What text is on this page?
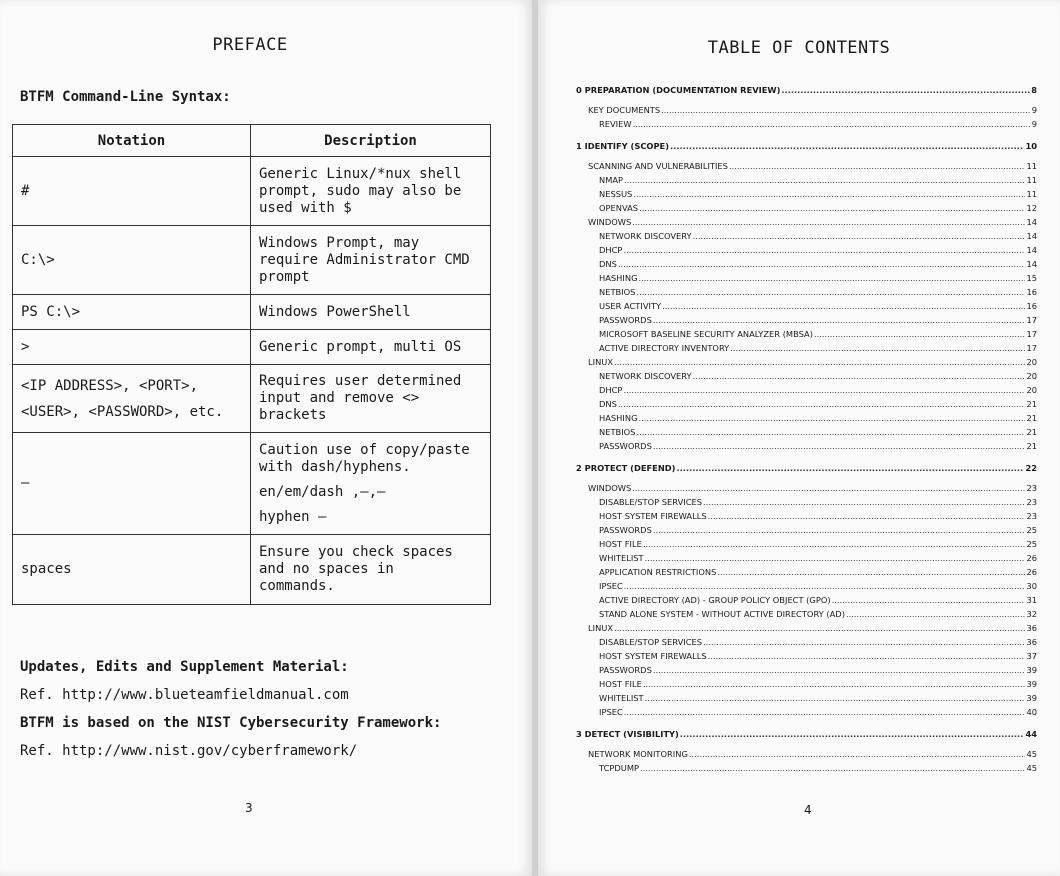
PREFACE
BTFM Command-Line Syntax:
Notation	Description

#	Generic Linux/*nux shell
prompt, sudo may also be
used with $

C:\>	Windows Prompt, may
require Administrator CMD
prompt

PS C:\>	Windows PowerShell

>	Generic prompt, multi OS

<IP ADDRESS>, <PORT>,
<USER>, <PASSWORD>, etc.	Requires user determined
input and remove <>
brackets

–	Caution use of copy/paste
with dash/hyphens.
en/em/dash ,–,–
hyphen –

spaces	Ensure you check spaces
and no spaces in
commands.
Updates, Edits and Supplement Material:
Ref. http://www.blueteamfieldmanual.com
BTFM is based on the NIST Cybersecurity Framework:
Ref. http://www.nist.gov/cyberframework/
3
TABLE OF CONTENTS
0 PREPARATION (DOCUMENTATION REVIEW) .....	8
KEY DOCUMENTS .....	9
REVIEW .....	9
1 IDENTIFY (SCOPE) .....	10
SCANNING AND VULNERABILITIES .....	11
NMAP .....	11
NESSUS .....	11
OPENVAS .....	12
WINDOWS .....	14
NETWORK DISCOVERY .....	14
DHCP .....	14
DNS .....	14
HASHING .....	15
NETBIOS .....	16
USER ACTIVITY .....	16
PASSWORDS .....	17
MICROSOFT BASELINE SECURITY ANALYZER (MBSA) .....	17
ACTIVE DIRECTORY INVENTORY .....	17
LINUX .....	20
NETWORK DISCOVERY .....	20
DHCP .....	20
DNS .....	21
HASHING .....	21
NETBIOS .....	21
PASSWORDS .....	21
2 PROTECT (DEFEND) .....	22
WINDOWS .....	23
DISABLE/STOP SERVICES .....	23
HOST SYSTEM FIREWALLS .....	23
PASSWORDS .....	25
HOST FILE .....	25
WHITELIST .....	26
APPLICATION RESTRICTIONS .....	26
IPSEC .....	30
ACTIVE DIRECTORY (AD) - GROUP POLICY OBJECT (GPO) .....	31
STAND ALONE SYSTEM - WITHOUT ACTIVE DIRECTORY (AD) .....	32
LINUX .....	36
DISABLE/STOP SERVICES .....	36
HOST SYSTEM FIREWALLS .....	37
PASSWORDS .....	39
HOST FILE .....	39
WHITELIST .....	39
IPSEC .....	40
3 DETECT (VISIBILITY) .....	44
NETWORK MONITORING .....	45
TCPDUMP .....	45
4
